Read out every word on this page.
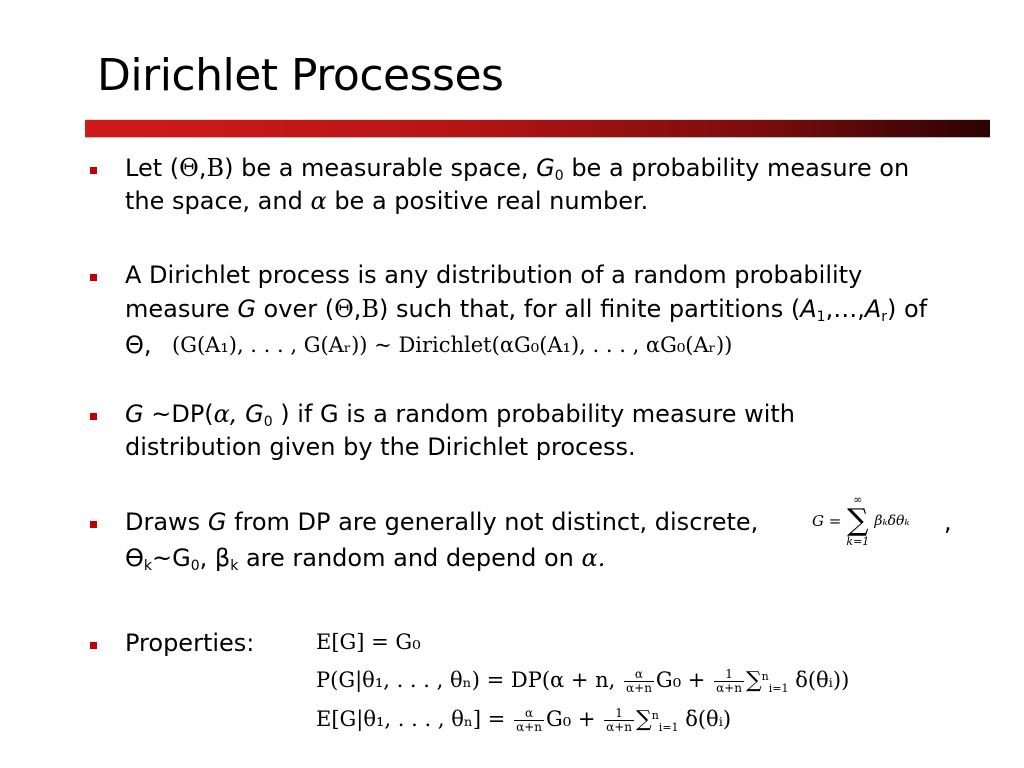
Dirichlet Processes
Let (Θ,B) be a measurable space, $G_0$ be a probability measure on
the space, and α be a positive real number.
A Dirichlet process is any distribution of a random probability
measure G over (Θ,B) such that, for all finite partitions $(A_1,\dots,A_r)$ of
Θ, (G(A₁), . . . , G(Aᵣ)) ~ Dirichlet(αG₀(A₁), . . . , αG₀(Aᵣ))
G ~DP(α, $G_0$ ) if G is a random probability measure with
distribution given by the Dirichlet process.
Draws G from DP are generally not distinct, discrete,	G =
∞
∑
k=1
βₖδθₖ ,
$ϴ_k\sim G_0$, $\beta_k$ are random and depend on α.
Properties:	E[G] = G₀
P(G|θ₁, . . . , θₙ) = DP(α + n, $\frac{\alpha}{\alpha+n} G_0 + \frac{1}{\alpha+n} \sum^n_{i=1}$ δ(θᵢ))
E[G|θ₁, . . . , $\theta_n] = \frac{\alpha}{\alpha+n} G_0 + \frac{1}{\alpha+n} \sum^n_{i=1}$ δ(θᵢ)
